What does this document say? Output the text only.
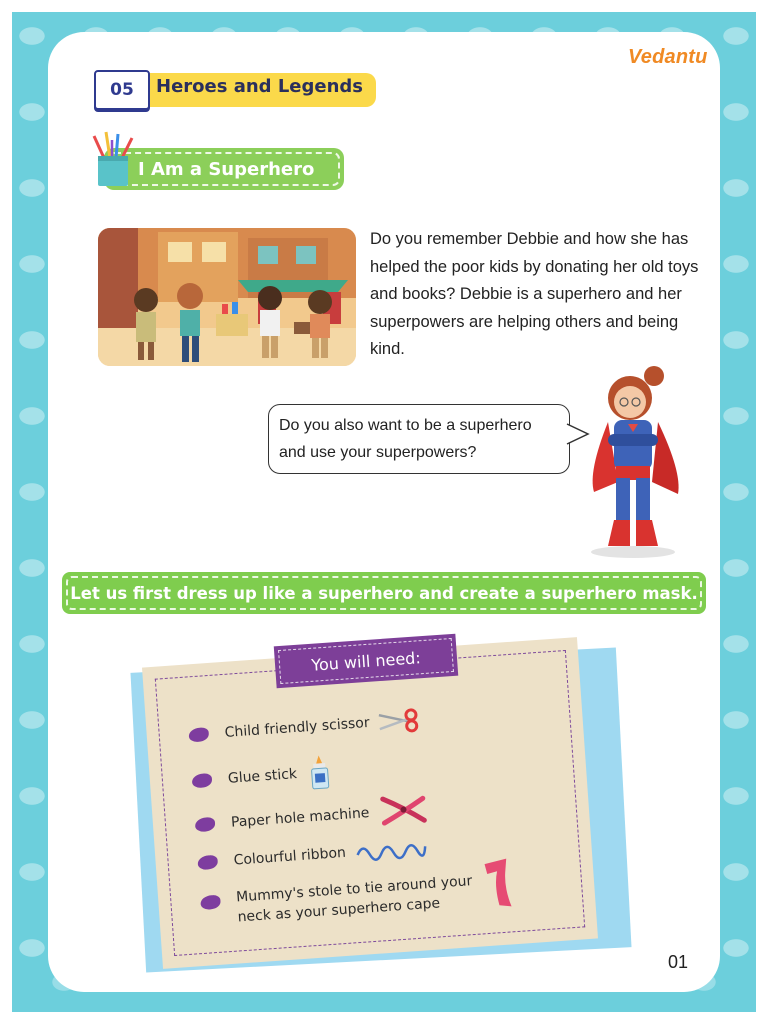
Vedantu
05	Heroes and Legends
I Am a Superhero
Do you remember Debbie and how she has helped the poor kids by donating her old toys and books? Debbie is a superhero and her superpowers are helping others and being kind.
Do you also want to be a superhero and use your superpowers?
Let us first dress up like a superhero and create a superhero mask.
Child friendly scissor
Glue stick
Paper hole machine
Colourful ribbon
Mummy's stole to tie around your neck as your superhero cape
You will need:
01
